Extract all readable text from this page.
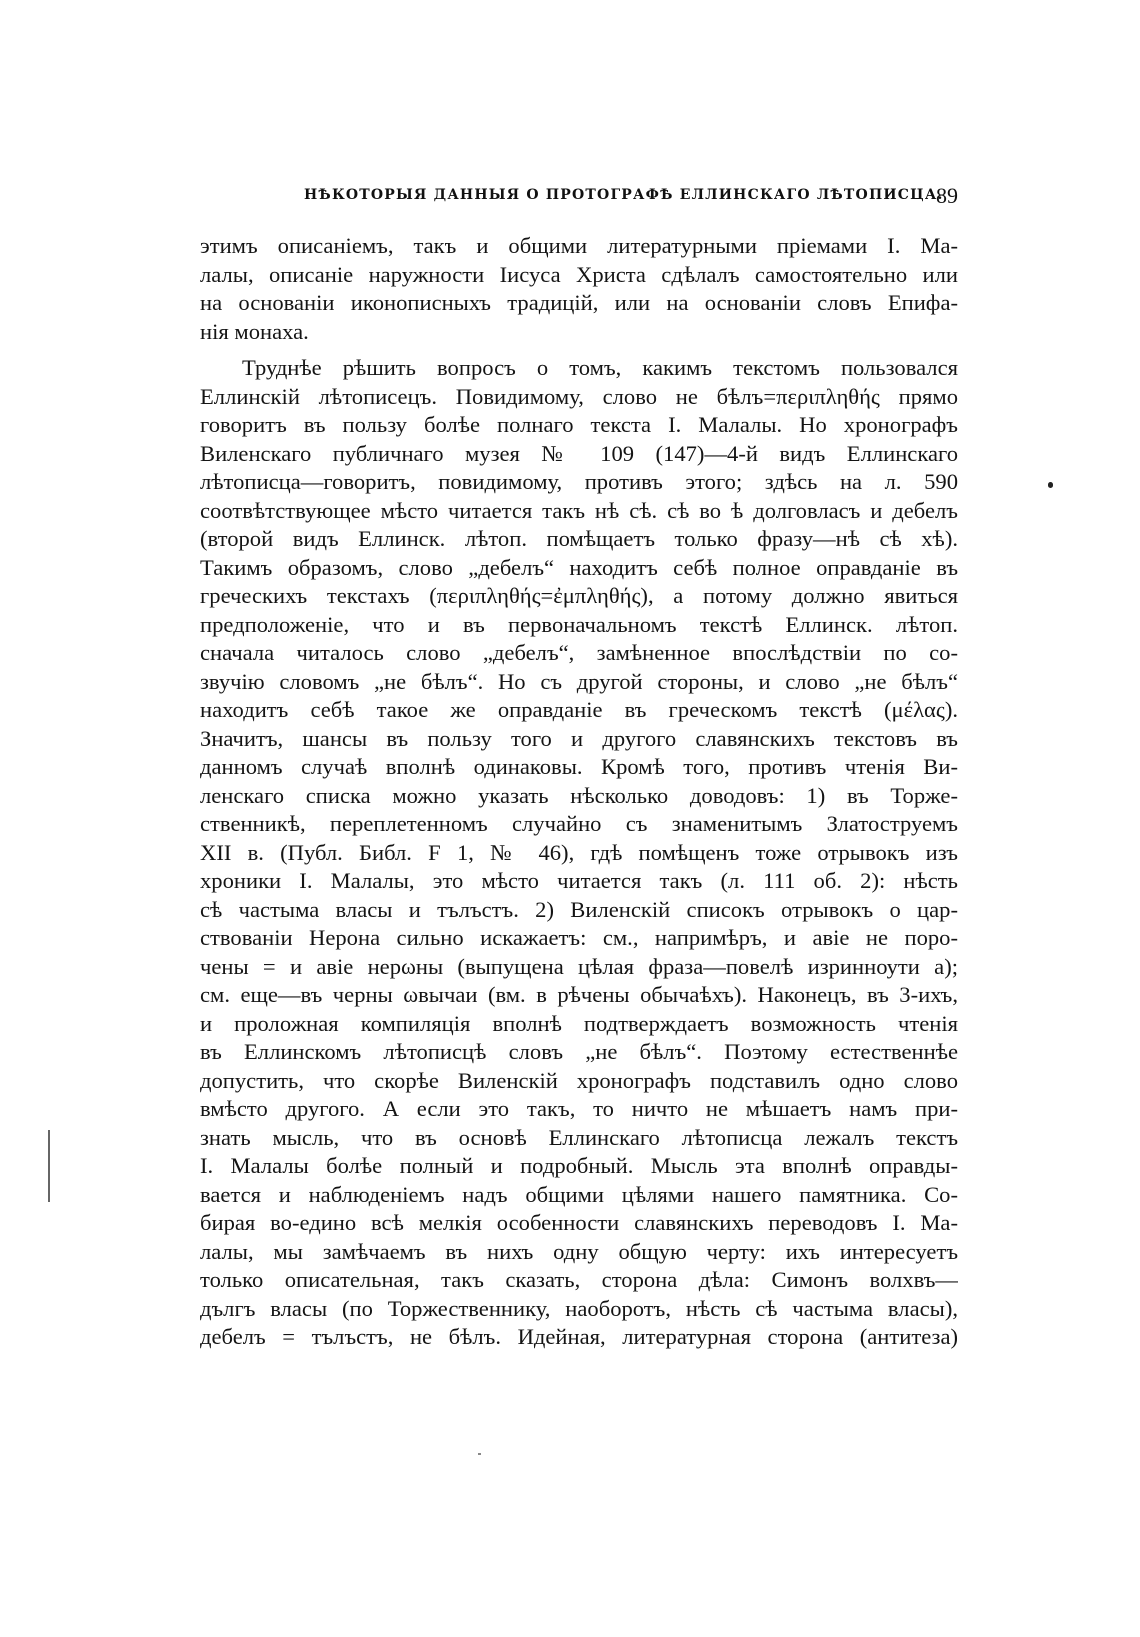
НѢКОТОРЫЯ ДАННЫЯ О ПРОТОГРАФѢ ЕЛЛИНСКАГО ЛѢТОПИСЦА.
89
этимъ описаніемъ, такъ и общими литературными пріемами I. Ма-
лалы, описаніе наружности Іисуса Христа сдѣлалъ самостоятельно или
на основаніи иконописныхъ традицій, или на основаніи словъ Епифа-
нія монаха.
Труднѣе рѣшить вопросъ о томъ, какимъ текстомъ пользовался
Еллинскій лѣтописецъ. Повидимому, слово не бѣлъ=περιπληθής прямо
говоритъ въ пользу болѣе полнаго текста I. Малалы. Но хронографъ
Виленскаго публичнаго музея № 109 (147)—4-й видъ Еллинскаго
лѣтописца—говоритъ, повидимому, противъ этого; здѣсь на л. 590
соотвѣтствующее мѣсто читается такъ нѣ сѣ. сѣ во ѣ долговласъ и дебелъ
(второй видъ Еллинск. лѣтоп. помѣщаетъ только фразу—нѣ сѣ хѣ).
Такимъ образомъ, слово „дебелъ“ находитъ себѣ полное оправданіе въ
греческихъ текстахъ (περιπληθής=ἐμπληθής), а потому должно явиться
предположеніе, что и въ первоначальномъ текстѣ Еллинск. лѣтоп.
сначала читалось слово „дебелъ“, замѣненное впослѣдствіи по со-
звучію словомъ „не бѣлъ“. Но съ другой стороны, и слово „не бѣлъ“
находитъ себѣ такое же оправданіе въ греческомъ текстѣ (μέλας).
Значитъ, шансы въ пользу того и другого славянскихъ текстовъ въ
данномъ случаѣ вполнѣ одинаковы. Кромѣ того, противъ чтенія Ви-
ленскаго списка можно указать нѣсколько доводовъ: 1) въ Торже-
ственникѣ, переплетенномъ случайно съ знаменитымъ Златоструемъ
XII в. (Публ. Библ. F 1, № 46), гдѣ помѣщенъ тоже отрывокъ изъ
хроники I. Малалы, это мѣсто читается такъ (л. 111 об. 2): нѣсть
сѣ частыма власы и тълъстъ. 2) Виленскій списокъ отрывокъ о цар-
ствованіи Нерона сильно искажаетъ: см., напримѣръ, и авіе не поро-
чены = и авіе нерωны (выпущена цѣлая фраза—повелѣ изринноути а);
см. еще—въ черны ωвычаи (вм. в рѣчены обычаѣхъ). Наконецъ, въ 3-ихъ,
и проложная компиляція вполнѣ подтверждаетъ возможность чтенія
въ Еллинскомъ лѣтописцѣ словъ „не бѣлъ“. Поэтому естественнѣе
допустить, что скорѣе Виленскій хронографъ подставилъ одно слово
вмѣсто другого. А если это такъ, то ничто не мѣшаетъ намъ при-
знать мысль, что въ основѣ Еллинскаго лѣтописца лежалъ текстъ
I. Малалы болѣе полный и подробный. Мысль эта вполнѣ оправды-
вается и наблюденіемъ надъ общими цѣлями нашего памятника. Со-
бирая во-едино всѣ мелкія особенности славянскихъ переводовъ I. Ма-
лалы, мы замѣчаемъ въ нихъ одну общую черту: ихъ интересуетъ
только описательная, такъ сказать, сторона дѣла: Симонъ волхвъ—
дългъ власы (по Торжественнику, наоборотъ, нѣсть сѣ частыма власы),
дебелъ = тълъстъ, не бѣлъ. Идейная, литературная сторона (антитеза)
